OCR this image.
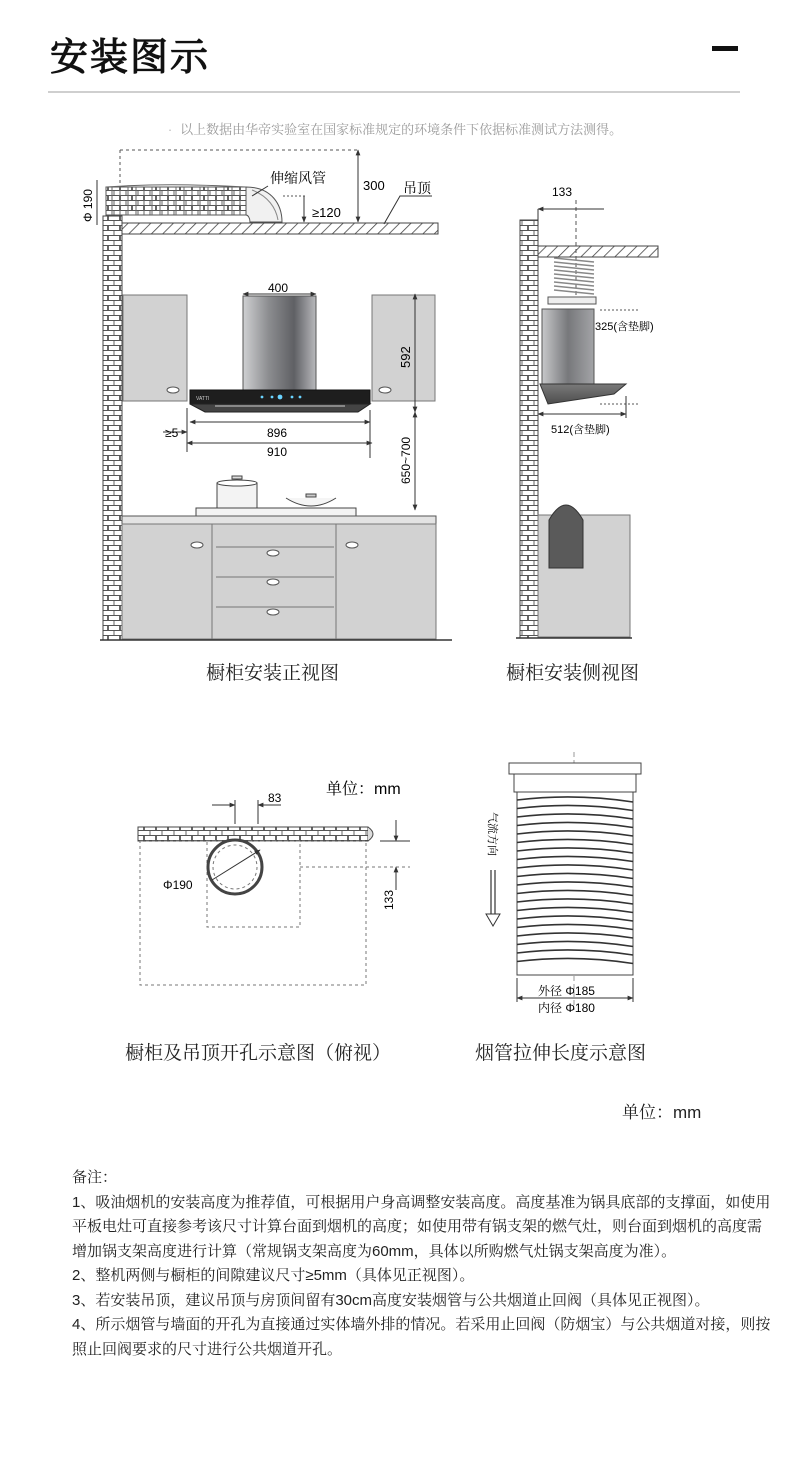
安装图示
· 以上数据由华帝实验室在国家标准规定的环境条件下依据标准测试方法测得。
300
≥120
伸缩风管
吊顶
Φ 190
VATTI
400
592
≥5	896
910	650~700
133
325(含垫脚)
512(含垫脚)
单位：mm
83
Φ190
133
外径 Φ185
内径 Φ180
气流方向
橱柜安装正视图	橱柜安装侧视图
橱柜及吊顶开孔示意图（俯视）	烟管拉伸长度示意图
单位：mm
备注：
1、吸油烟机的安装高度为推荐值，可根据用户身高调整安装高度。高度基准为锅具底部的支撑面，如使用平板电灶可直接参考该尺寸计算台面到烟机的高度；如使用带有锅支架的燃气灶，则台面到烟机的高度需增加锅支架高度进行计算（常规锅支架高度为60mm，具体以所购燃气灶锅支架高度为准）。
2、整机两侧与橱柜的间隙建议尺寸≥5mm（具体见正视图）。
3、若安装吊顶，建议吊顶与房顶间留有30cm高度安装烟管与公共烟道止回阀（具体见正视图）。
4、所示烟管与墙面的开孔为直接通过实体墙外排的情况。若采用止回阀（防烟宝）与公共烟道对接，则按照止回阀要求的尺寸进行公共烟道开孔。
